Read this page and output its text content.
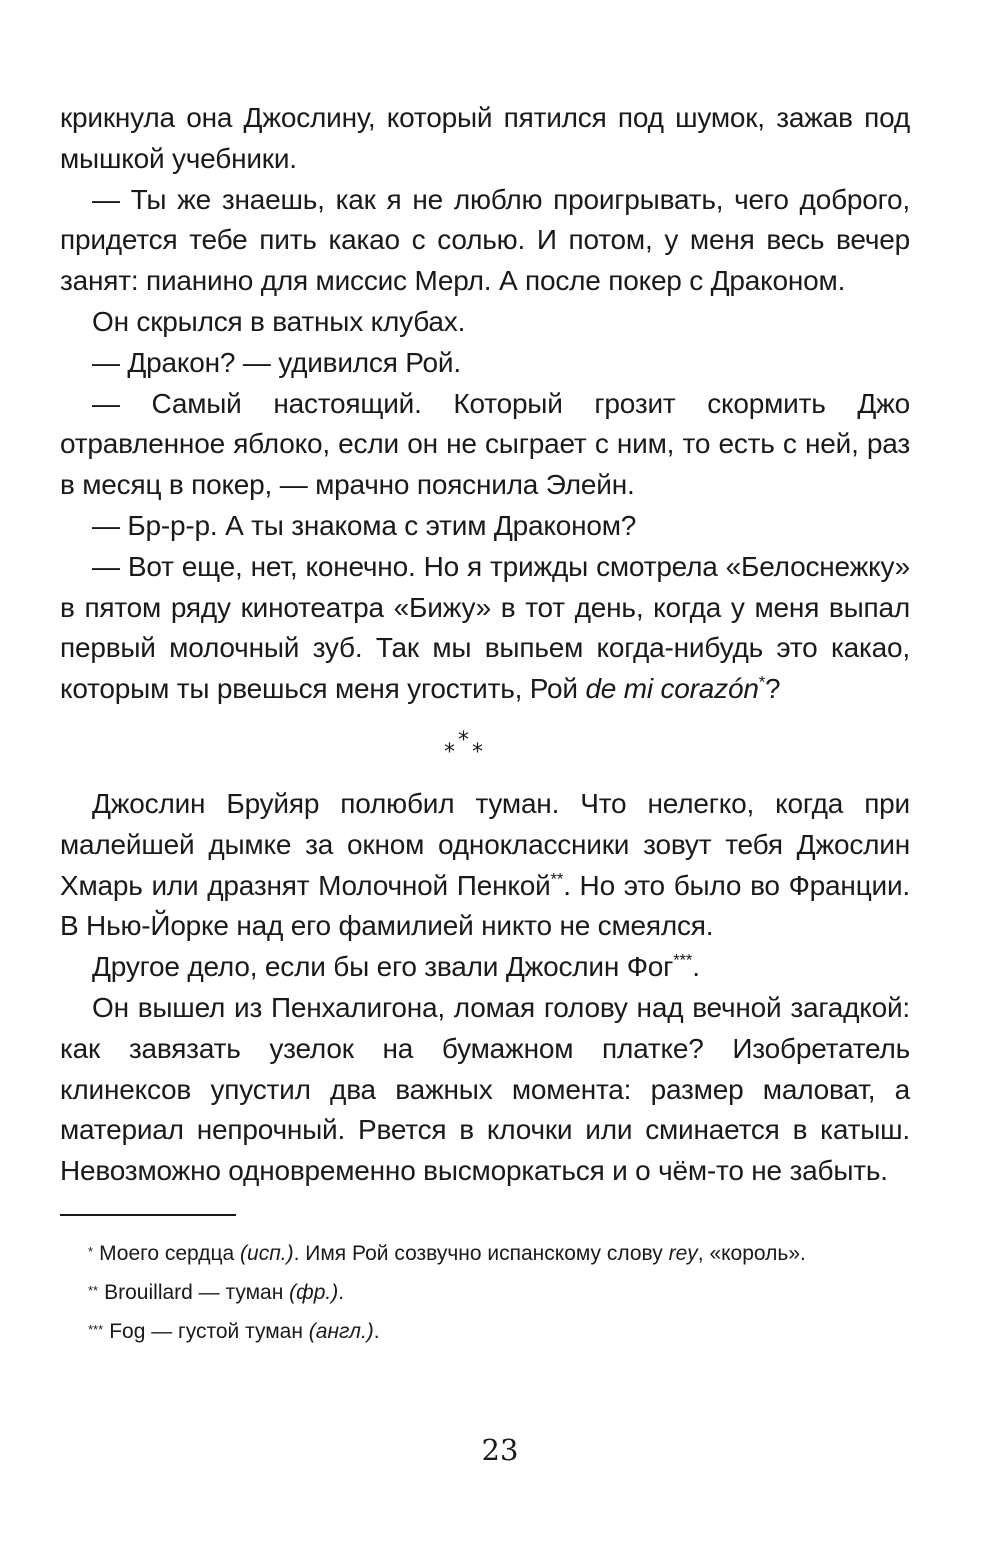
крикнула она Джослину, который пятился под шумок, зажав под мышкой учебники.

— Ты же знаешь, как я не люблю проигрывать, чего доброго, придется тебе пить какао с солью. И потом, у меня весь вечер занят: пианино для миссис Мерл. А после покер с Драконом.

Он скрылся в ватных клубах.

— Дракон? — удивился Рой.

— Самый настоящий. Который грозит скормить Джо отравленное яблоко, если он не сыграет с ним, то есть с ней, раз в месяц в покер, — мрачно пояснила Элейн.

— Бр-р-р. А ты знакома с этим Драконом?

— Вот еще, нет, конечно. Но я трижды смотрела «Белоснежку» в пятом ряду кинотеатра «Бижу» в тот день, когда у меня выпал первый молочный зуб. Так мы выпьем когда-нибудь это какао, которым ты рвешься меня угостить, Рой de mi corazón*?

*
* *

Джослин Бруйяр полюбил туман. Что нелегко, когда при малейшей дымке за окном одноклассники зовут тебя Джослин Хмарь или дразнят Молочной Пенкой**. Но это было во Франции. В Нью-Йорке над его фамилией никто не смеялся.

Другое дело, если бы его звали Джослин Фог***.

Он вышел из Пенхалигона, ломая голову над вечной загадкой: как завязать узелок на бумажном платке? Изобретатель клинексов упустил два важных момента: размер маловат, а материал непрочный. Рвется в клочки или сминается в катыш. Невозможно одновременно высморкаться и о чём-то не забыть.

* Моего сердца (исп.). Имя Рой созвучно испанскому слову rey, «король».

** Brouillard — туман (фр.).

*** Fog — густой туман (англ.).

23
